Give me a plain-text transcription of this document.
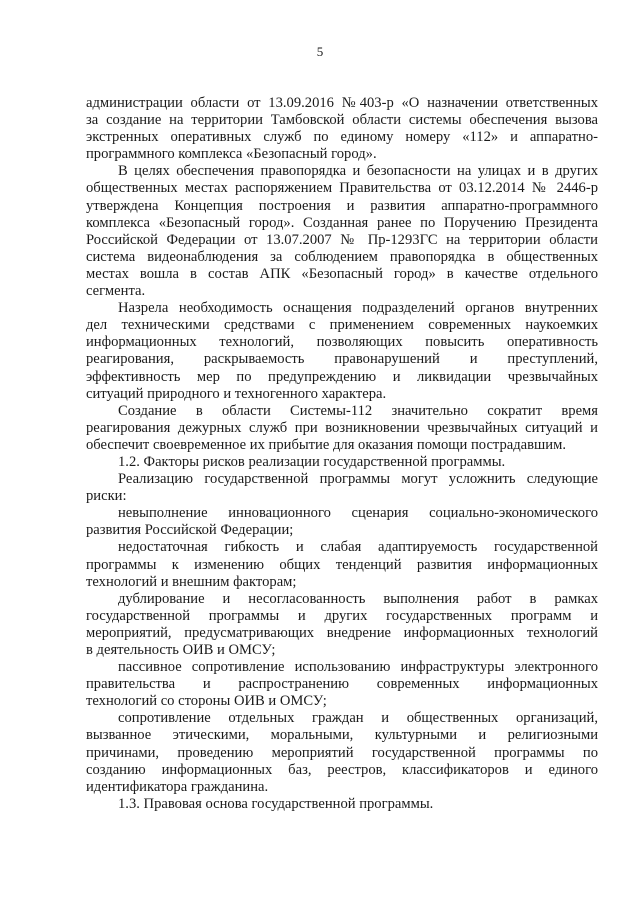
5
администрации области от 13.09.2016 №403-р «О назначении ответственных
за создание на территории Тамбовской области системы обеспечения вызова
экстренных оперативных служб по единому номеру «112» и аппаратно-
программного комплекса «Безопасный город».
В целях обеспечения правопорядка и безопасности на улицах и в других
общественных местах распоряжением Правительства от 03.12.2014 № 2446-р
утверждена Концепция построения и развития аппаратно-программного
комплекса «Безопасный город». Созданная ранее по Поручению Президента
Российской Федерации от 13.07.2007 № Пр-1293ГС на территории области
система видеонаблюдения за соблюдением правопорядка в общественных
местах вошла в состав АПК «Безопасный город» в качестве отдельного
сегмента.
Назрела необходимость оснащения подразделений органов внутренних
дел техническими средствами с применением современных наукоемких
информационных технологий, позволяющих повысить оперативность
реагирования, раскрываемость правонарушений и преступлений,
эффективность мер по предупреждению и ликвидации чрезвычайных
ситуаций природного и техногенного характера.
Создание в области Системы-112 значительно сократит время
реагирования дежурных служб при возникновении чрезвычайных ситуаций и
обеспечит своевременное их прибытие для оказания помощи пострадавшим.
1.2. Факторы рисков реализации государственной программы.
Реализацию государственной программы могут усложнить следующие
риски:
невыполнение инновационного сценария социально-экономического
развития Российской Федерации;
недостаточная гибкость и слабая адаптируемость государственной
программы к изменению общих тенденций развития информационных
технологий и внешним факторам;
дублирование и несогласованность выполнения работ в рамках
государственной программы и других государственных программ и
мероприятий, предусматривающих внедрение информационных технологий
в деятельность ОИВ и ОМСУ;
пассивное сопротивление использованию инфраструктуры электронного
правительства и распространению современных информационных
технологий со стороны ОИВ и ОМСУ;
сопротивление отдельных граждан и общественных организаций,
вызванное этическими, моральными, культурными и религиозными
причинами, проведению мероприятий государственной программы по
созданию информационных баз, реестров, классификаторов и единого
идентификатора гражданина.
1.3. Правовая основа государственной программы.
